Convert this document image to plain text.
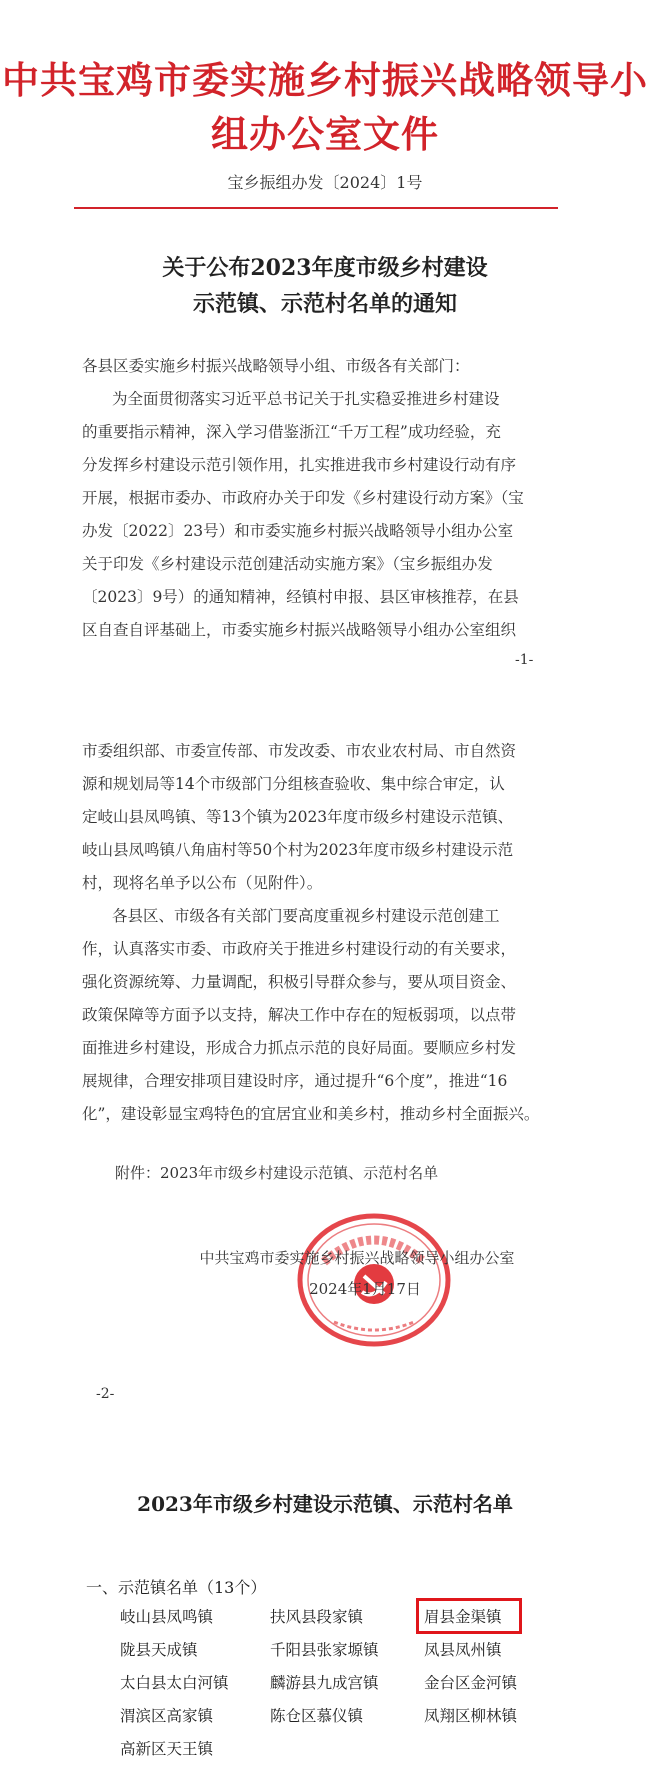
中共宝鸡市委实施乡村振兴战略领导小组办公室文件
宝乡振组办发〔2024〕1号
关于公布2023年度市级乡村建设
示范镇、示范村名单的通知
各县区委实施乡村振兴战略领导小组、市级各有关部门：
为全面贯彻落实习近平总书记关于扎实稳妥推进乡村建设
的重要指示精神，深入学习借鉴浙江“千万工程”成功经验，充
分发挥乡村建设示范引领作用，扎实推进我市乡村建设行动有序
开展，根据市委办、市政府办关于印发《乡村建设行动方案》（宝
办发〔2022〕23号）和市委实施乡村振兴战略领导小组办公室
关于印发《乡村建设示范创建活动实施方案》（宝乡振组办发
〔2023〕9号）的通知精神，经镇村申报、县区审核推荐，在县
区自查自评基础上，市委实施乡村振兴战略领导小组办公室组织
-1-
市委组织部、市委宣传部、市发改委、市农业农村局、市自然资
源和规划局等14个市级部门分组核查验收、集中综合审定，认
定岐山县凤鸣镇、等13个镇为2023年度市级乡村建设示范镇、
岐山县凤鸣镇八角庙村等50个村为2023年度市级乡村建设示范
村，现将名单予以公布（见附件）。
各县区、市级各有关部门要高度重视乡村建设示范创建工
作，认真落实市委、市政府关于推进乡村建设行动的有关要求，
强化资源统筹、力量调配，积极引导群众参与，要从项目资金、
政策保障等方面予以支持，解决工作中存在的短板弱项，以点带
面推进乡村建设，形成合力抓点示范的良好局面。要顺应乡村发
展规律，合理安排项目建设时序，通过提升“6个度”，推进“16
化”，建设彰显宝鸡特色的宜居宜业和美乡村，推动乡村全面振兴。
附件：2023年市级乡村建设示范镇、示范村名单
中共宝鸡市委实施乡村振兴战略领导小组办公室
2024年1月17日
-2-
2023年市级乡村建设示范镇、示范村名单
一、示范镇名单（13个）
岐山县凤鸣镇	扶风县段家镇	眉县金渠镇
陇县天成镇	千阳县张家塬镇	凤县凤州镇
太白县太白河镇	麟游县九成宫镇	金台区金河镇
渭滨区高家镇	陈仓区慕仪镇	凤翔区柳林镇
高新区天王镇
